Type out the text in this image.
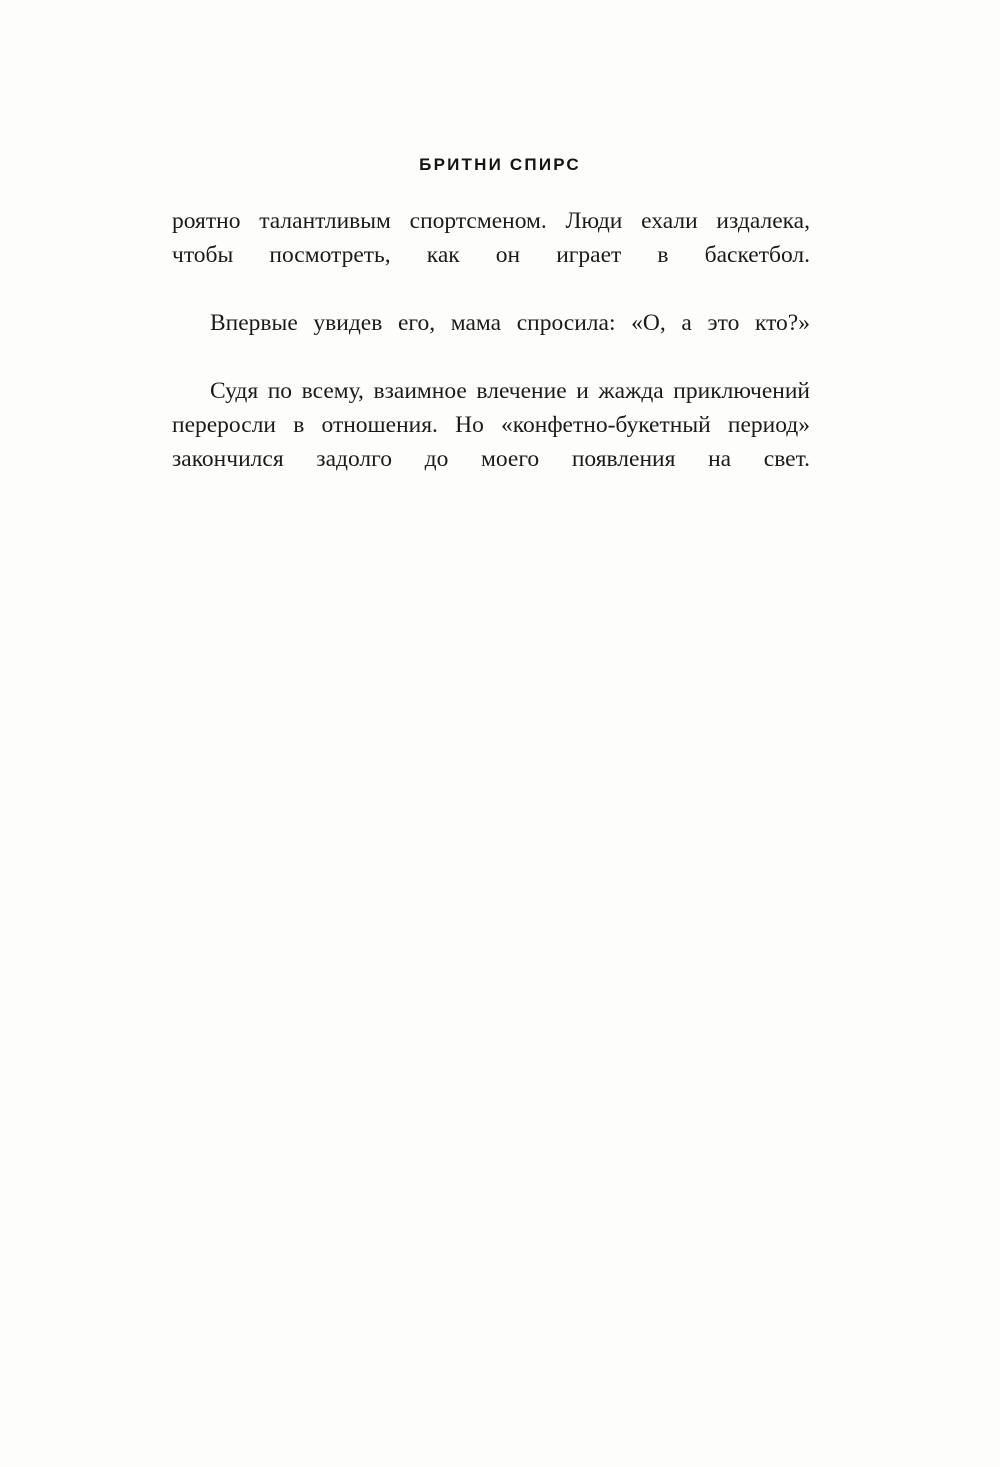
БРИТНИ СПИРС

роятно талантливым спортсменом. Люди ехали издалека, чтобы посмотреть, как он играет в баскетбол.

Впервые увидев его, мама спросила: «О, а это кто?»

Судя по всему, взаимное влечение и жажда приключений переросли в отношения. Но «конфетно-букетный период» закончился задолго до моего появления на свет.
